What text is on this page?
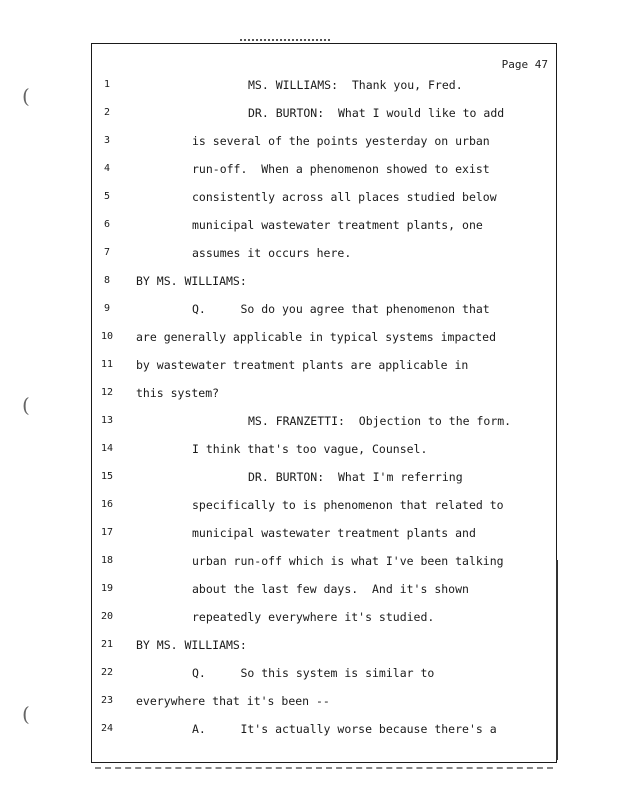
Page 47
(
(
(
1	MS. WILLIAMS:  Thank you, Fred.
2	DR. BURTON:  What I would like to add
3	is several of the points yesterday on urban
4	run-off.  When a phenomenon showed to exist
5	consistently across all places studied below
6	municipal wastewater treatment plants, one
7	assumes it occurs here.
8	BY MS. WILLIAMS:
9	Q.     So do you agree that phenomenon that
10	are generally applicable in typical systems impacted
11	by wastewater treatment plants are applicable in
12	this system?
13	MS. FRANZETTI:  Objection to the form.
14	I think that's too vague, Counsel.
15	DR. BURTON:  What I'm referring
16	specifically to is phenomenon that related to
17	municipal wastewater treatment plants and
18	urban run-off which is what I've been talking
19	about the last few days.  And it's shown
20	repeatedly everywhere it's studied.
21	BY MS. WILLIAMS:
22	Q.     So this system is similar to
23	everywhere that it's been --
24	A.     It's actually worse because there's a
